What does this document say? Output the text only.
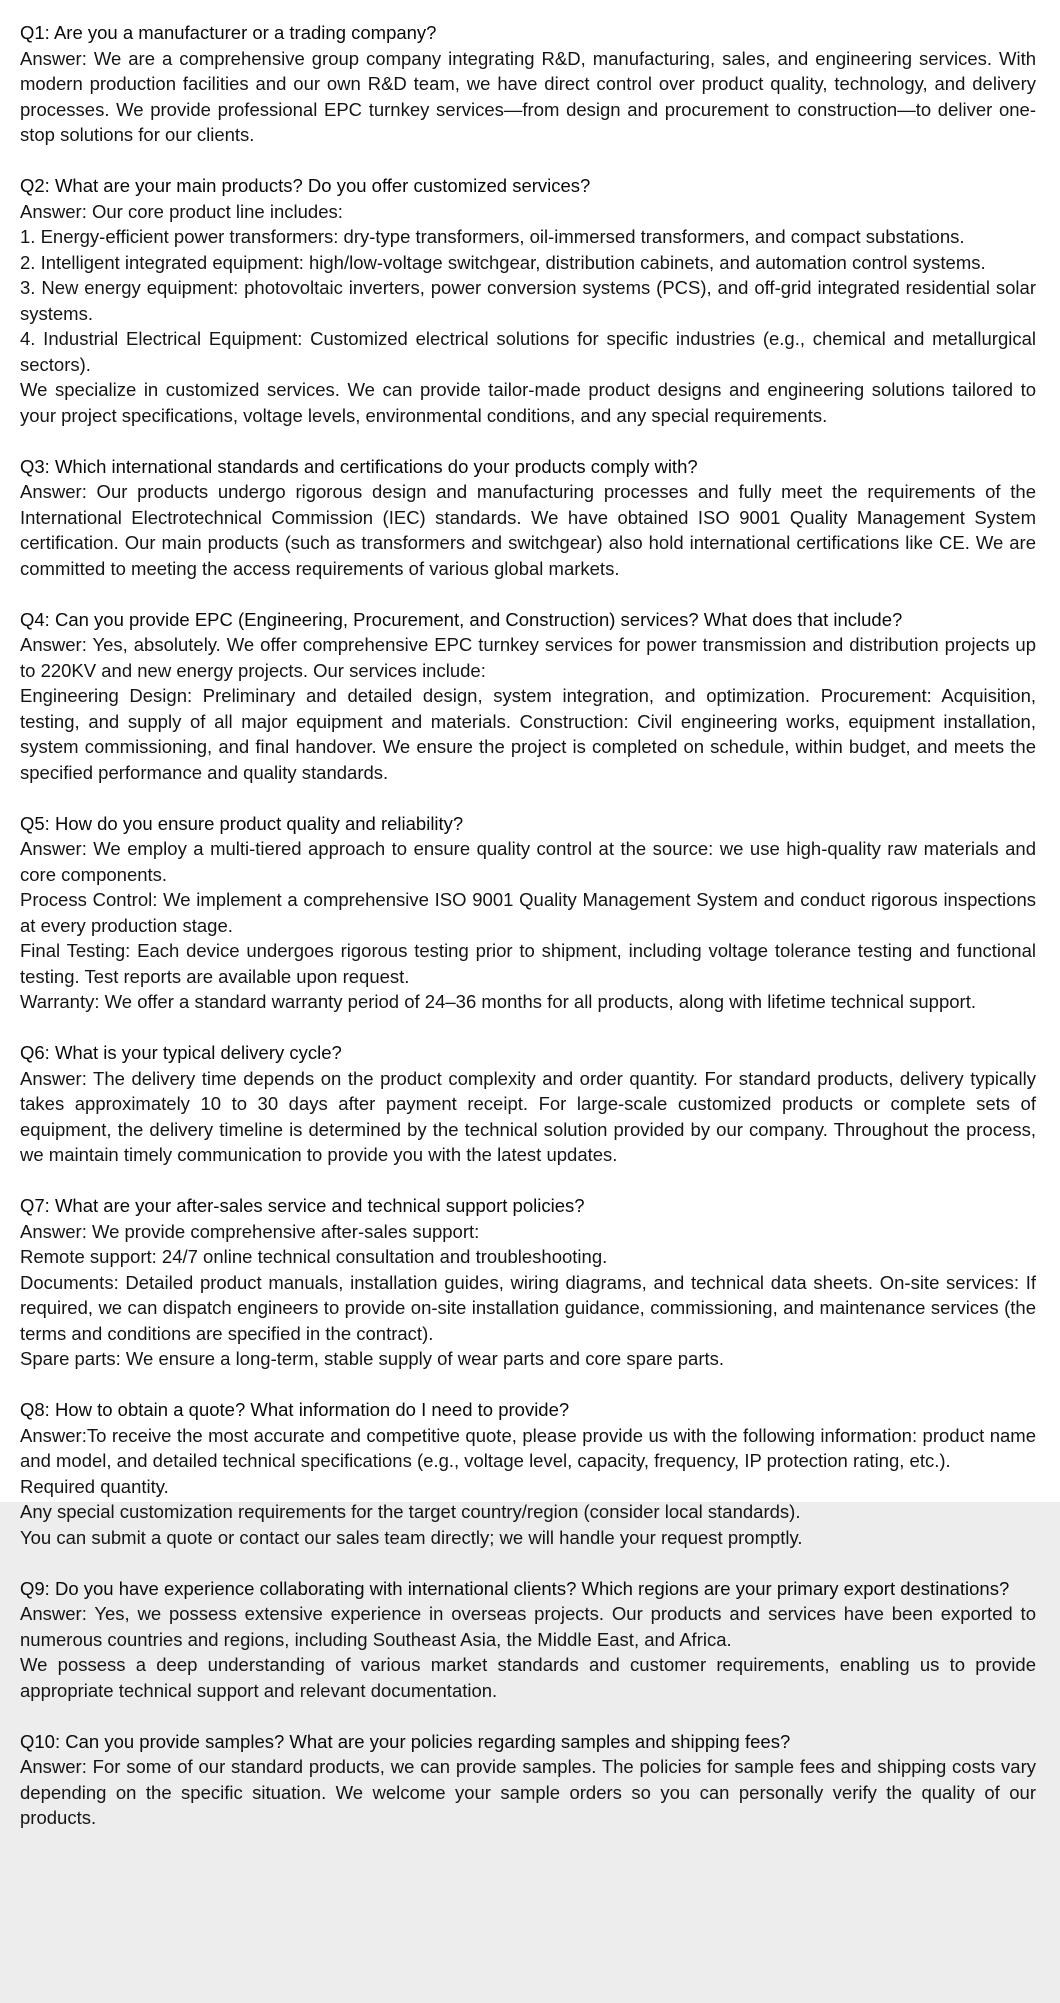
Q1: Are you a manufacturer or a trading company?
Answer: We are a comprehensive group company integrating R&D, manufacturing, sales, and engineering services. With modern production facilities and our own R&D team, we have direct control over product quality, technology, and delivery processes. We provide professional EPC turnkey services—from design and procurement to construction—to deliver one-stop solutions for our clients.
Q2: What are your main products? Do you offer customized services?
Answer: Our core product line includes:
1. Energy-efficient power transformers: dry-type transformers, oil-immersed transformers, and compact substations.
2. Intelligent integrated equipment: high/low-voltage switchgear, distribution cabinets, and automation control systems.
3. New energy equipment: photovoltaic inverters, power conversion systems (PCS), and off-grid integrated residential solar systems.
4. Industrial Electrical Equipment: Customized electrical solutions for specific industries (e.g., chemical and metallurgical sectors).
We specialize in customized services. We can provide tailor-made product designs and engineering solutions tailored to your project specifications, voltage levels, environmental conditions, and any special requirements.
Q3: Which international standards and certifications do your products comply with?
Answer: Our products undergo rigorous design and manufacturing processes and fully meet the requirements of the International Electrotechnical Commission (IEC) standards. We have obtained ISO 9001 Quality Management System certification. Our main products (such as transformers and switchgear) also hold international certifications like CE. We are committed to meeting the access requirements of various global markets.
Q4: Can you provide EPC (Engineering, Procurement, and Construction) services? What does that include?
Answer: Yes, absolutely. We offer comprehensive EPC turnkey services for power transmission and distribution projects up to 220KV and new energy projects. Our services include:
Engineering Design: Preliminary and detailed design, system integration, and optimization. Procurement: Acquisition, testing, and supply of all major equipment and materials. Construction: Civil engineering works, equipment installation, system commissioning, and final handover. We ensure the project is completed on schedule, within budget, and meets the specified performance and quality standards.
Q5: How do you ensure product quality and reliability?
Answer: We employ a multi-tiered approach to ensure quality control at the source: we use high-quality raw materials and core components.
Process Control: We implement a comprehensive ISO 9001 Quality Management System and conduct rigorous inspections at every production stage.
Final Testing: Each device undergoes rigorous testing prior to shipment, including voltage tolerance testing and functional testing. Test reports are available upon request.
Warranty: We offer a standard warranty period of 24–36 months for all products, along with lifetime technical support.
Q6: What is your typical delivery cycle?
Answer: The delivery time depends on the product complexity and order quantity. For standard products, delivery typically takes approximately 10 to 30 days after payment receipt. For large-scale customized products or complete sets of equipment, the delivery timeline is determined by the technical solution provided by our company. Throughout the process, we maintain timely communication to provide you with the latest updates.
Q7: What are your after-sales service and technical support policies?
Answer: We provide comprehensive after-sales support:
Remote support: 24/7 online technical consultation and troubleshooting.
Documents: Detailed product manuals, installation guides, wiring diagrams, and technical data sheets. On-site services: If required, we can dispatch engineers to provide on-site installation guidance, commissioning, and maintenance services (the terms and conditions are specified in the contract).
Spare parts: We ensure a long-term, stable supply of wear parts and core spare parts.
Q8: How to obtain a quote? What information do I need to provide?
Answer:To receive the most accurate and competitive quote, please provide us with the following information: product name and model, and detailed technical specifications (e.g., voltage level, capacity, frequency, IP protection rating, etc.).
Required quantity.
Any special customization requirements for the target country/region (consider local standards).
You can submit a quote or contact our sales team directly; we will handle your request promptly.
Q9: Do you have experience collaborating with international clients? Which regions are your primary export destinations?
Answer: Yes, we possess extensive experience in overseas projects. Our products and services have been exported to numerous countries and regions, including Southeast Asia, the Middle East, and Africa.
We possess a deep understanding of various market standards and customer requirements, enabling us to provide appropriate technical support and relevant documentation.
Q10: Can you provide samples? What are your policies regarding samples and shipping fees?
Answer: For some of our standard products, we can provide samples. The policies for sample fees and shipping costs vary depending on the specific situation. We welcome your sample orders so you can personally verify the quality of our products.
